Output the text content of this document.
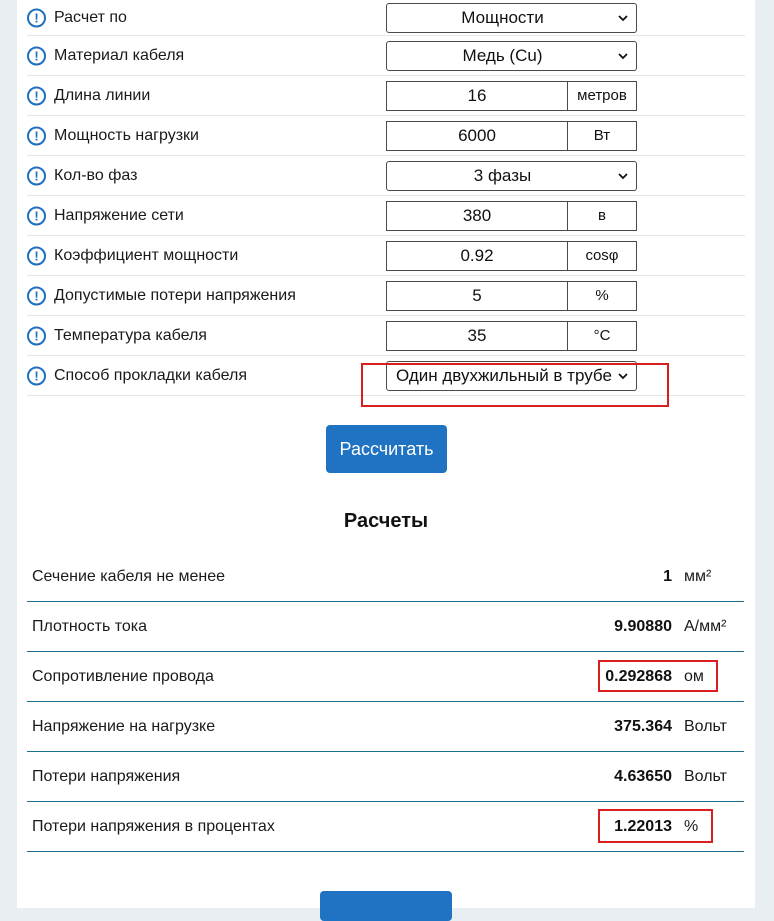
! Расчет по	Мощности
! Материал кабеля	Медь (Cu)
! Длина линии	16	метров
! Мощность нагрузки	6000	Вт
! Кол-во фаз	3 фазы
! Напряжение сети	380	в
! Коэффициент мощности	0.92	cosφ
! Допустимые потери напряжения	5	%
! Температура кабеля	35	°С
! Способ прокладки кабеля	Один двухжильный в трубе
Рассчитать
Расчеты
Сечение кабеля не менее	1 мм²
Плотность тока	9.90880 А/мм²
Сопротивление провода	0.292868 ом
Напряжение на нагрузке	375.364 Вольт
Потери напряжения	4.63650 Вольт
Потери напряжения в процентах	1.22013 %
